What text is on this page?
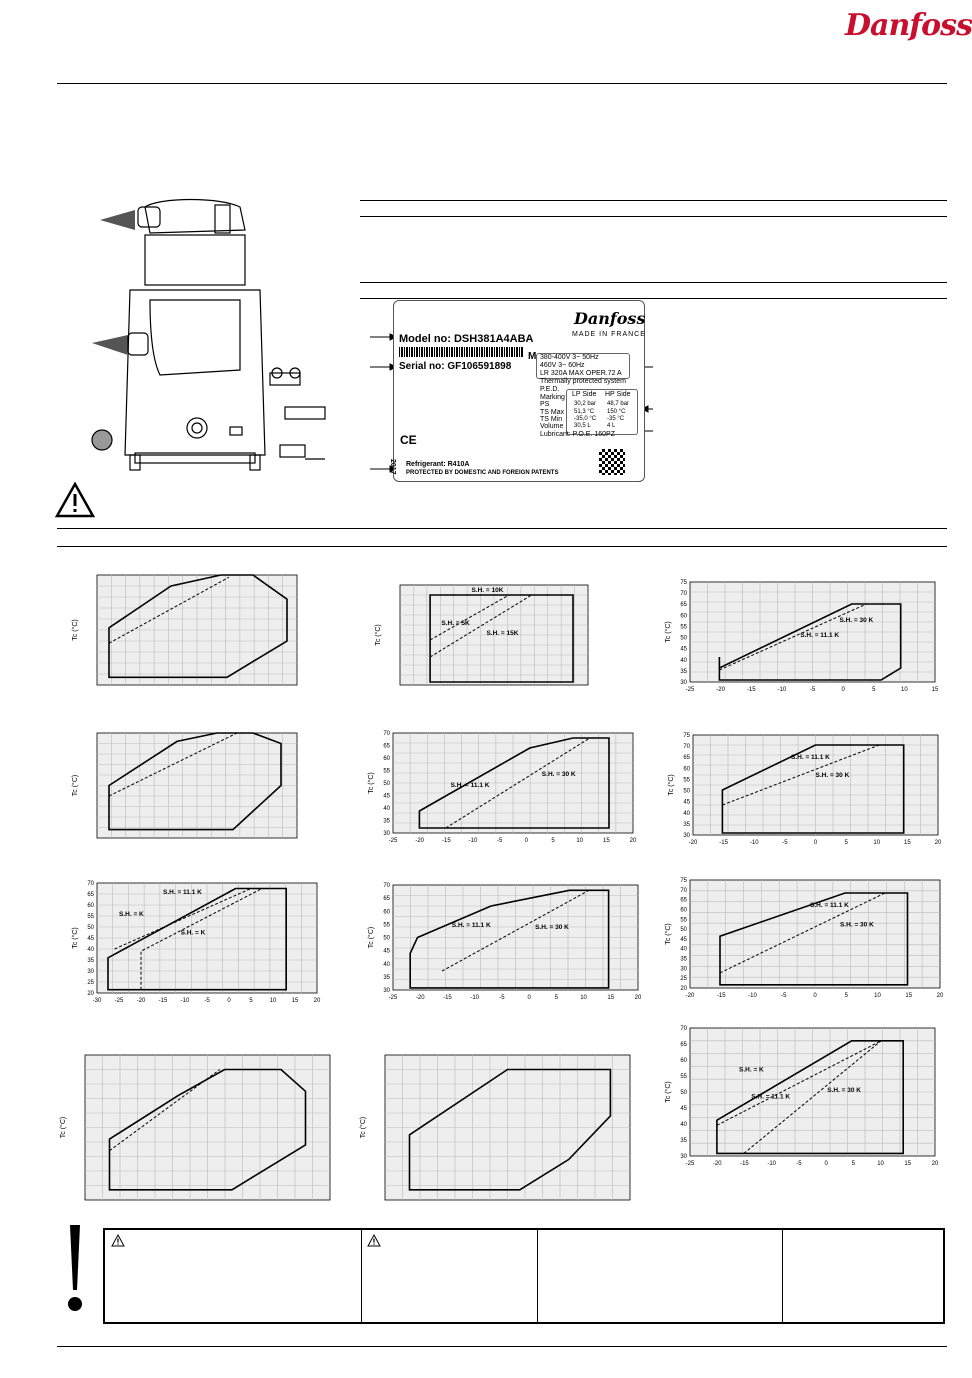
Danfoss
Model no: DSH381A4ABA
Danfoss
MADE IN FRANCE
Serial no: GF106591898
M 380-400V 3~ 50Hz
460V 3~ 60Hz
LR 320A MAX OPER.72 A
Thermally protected system
P.E.D.
Marking LP Side HP Side
PS	30,2 bar 48,7 bar
TS Max 51,3 °C 150 °C
TS Min -35,0 °C -35 °C
Volume 30,5 L	4 L
Lubricant: P.O.E. 160PZ
CE
2017 Refrigerant: R410A
PROTECTED BY DOMESTIC AND FOREIGN PATENTS
Tc (°C)	Tc (°C)
S.H. = 10K
S.H. = 5K
S.H. = 15K	Tc (°C)
30
35
40
45
50
55
60
65
70
75
-25	-20	-15	-10	-5	0	5	10	15
S.H. = 30 K
S.H. = 11.1 K
Tc (°C)	Tc (°C)
30
35
40
45
50
55
60
65
70
-25	-20	-15	-10	-5	0	5	10	15	20
S.H. = 30 K
S.H. = 11.1 K	Tc (°C)
30
35
40
45
50
55
60
65
70
75
-20	-15	-10	-5	0	5	10	15	20
S.H. = 11.1 K
S.H. = 30 K
Tc (°C)
20
25
30
35
40
45
50
55
60
65
70
-30 -25 -20 -15 -10 -5	0	5	10	15	20
S.H. = 11.1 K
S.H. = K
S.H. = K	Tc (°C)
30
35
40
45
50
55
60
65
70
-25	-20	-15	-10	-5	0	5	10	15	20
S.H. = 11.1 K	S.H. = 30 K	Tc (°C)
20
25
30
35
40
45
50
55
60
65
70
75
-20	-15	-10	-5	0	5	10	15	20
S.H. = 11.1 K
S.H. = 30 K
Tc (°C)	Tc (°C)
Tc (°C)
30
35
40
45
50
55
60
65
70
-25	-20	-15	-10	-5	0	5	10	15	20
S.H. = K
S.H. = 11.1 K
S.H. = 30 K
